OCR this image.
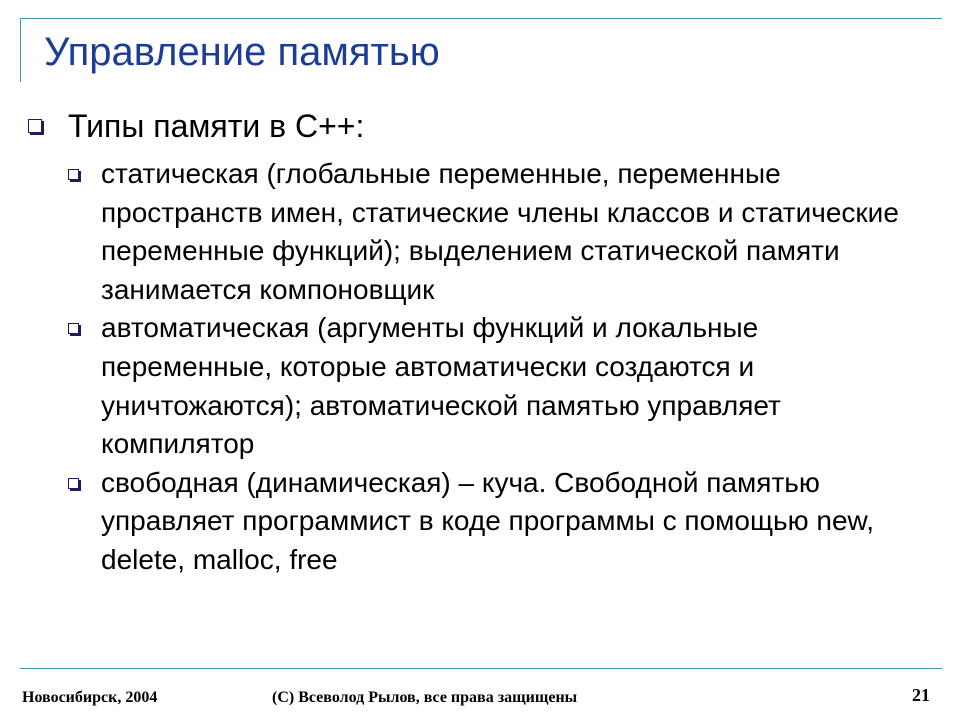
Управление памятью
Типы памяти в C++:
статическая (глобальные переменные, переменные пространств имен, статические члены классов и статические переменные функций); выделением статической памяти занимается компоновщик
автоматическая (аргументы функций и локальные переменные, которые автоматически создаются и уничтожаются); автоматической памятью управляет компилятор
свободная (динамическая) – куча. Свободной памятью управляет программист в коде программы с помощью new, delete, malloc, free
Новосибирск, 2004	(C) Всеволод Рылов, все права защищены	21
